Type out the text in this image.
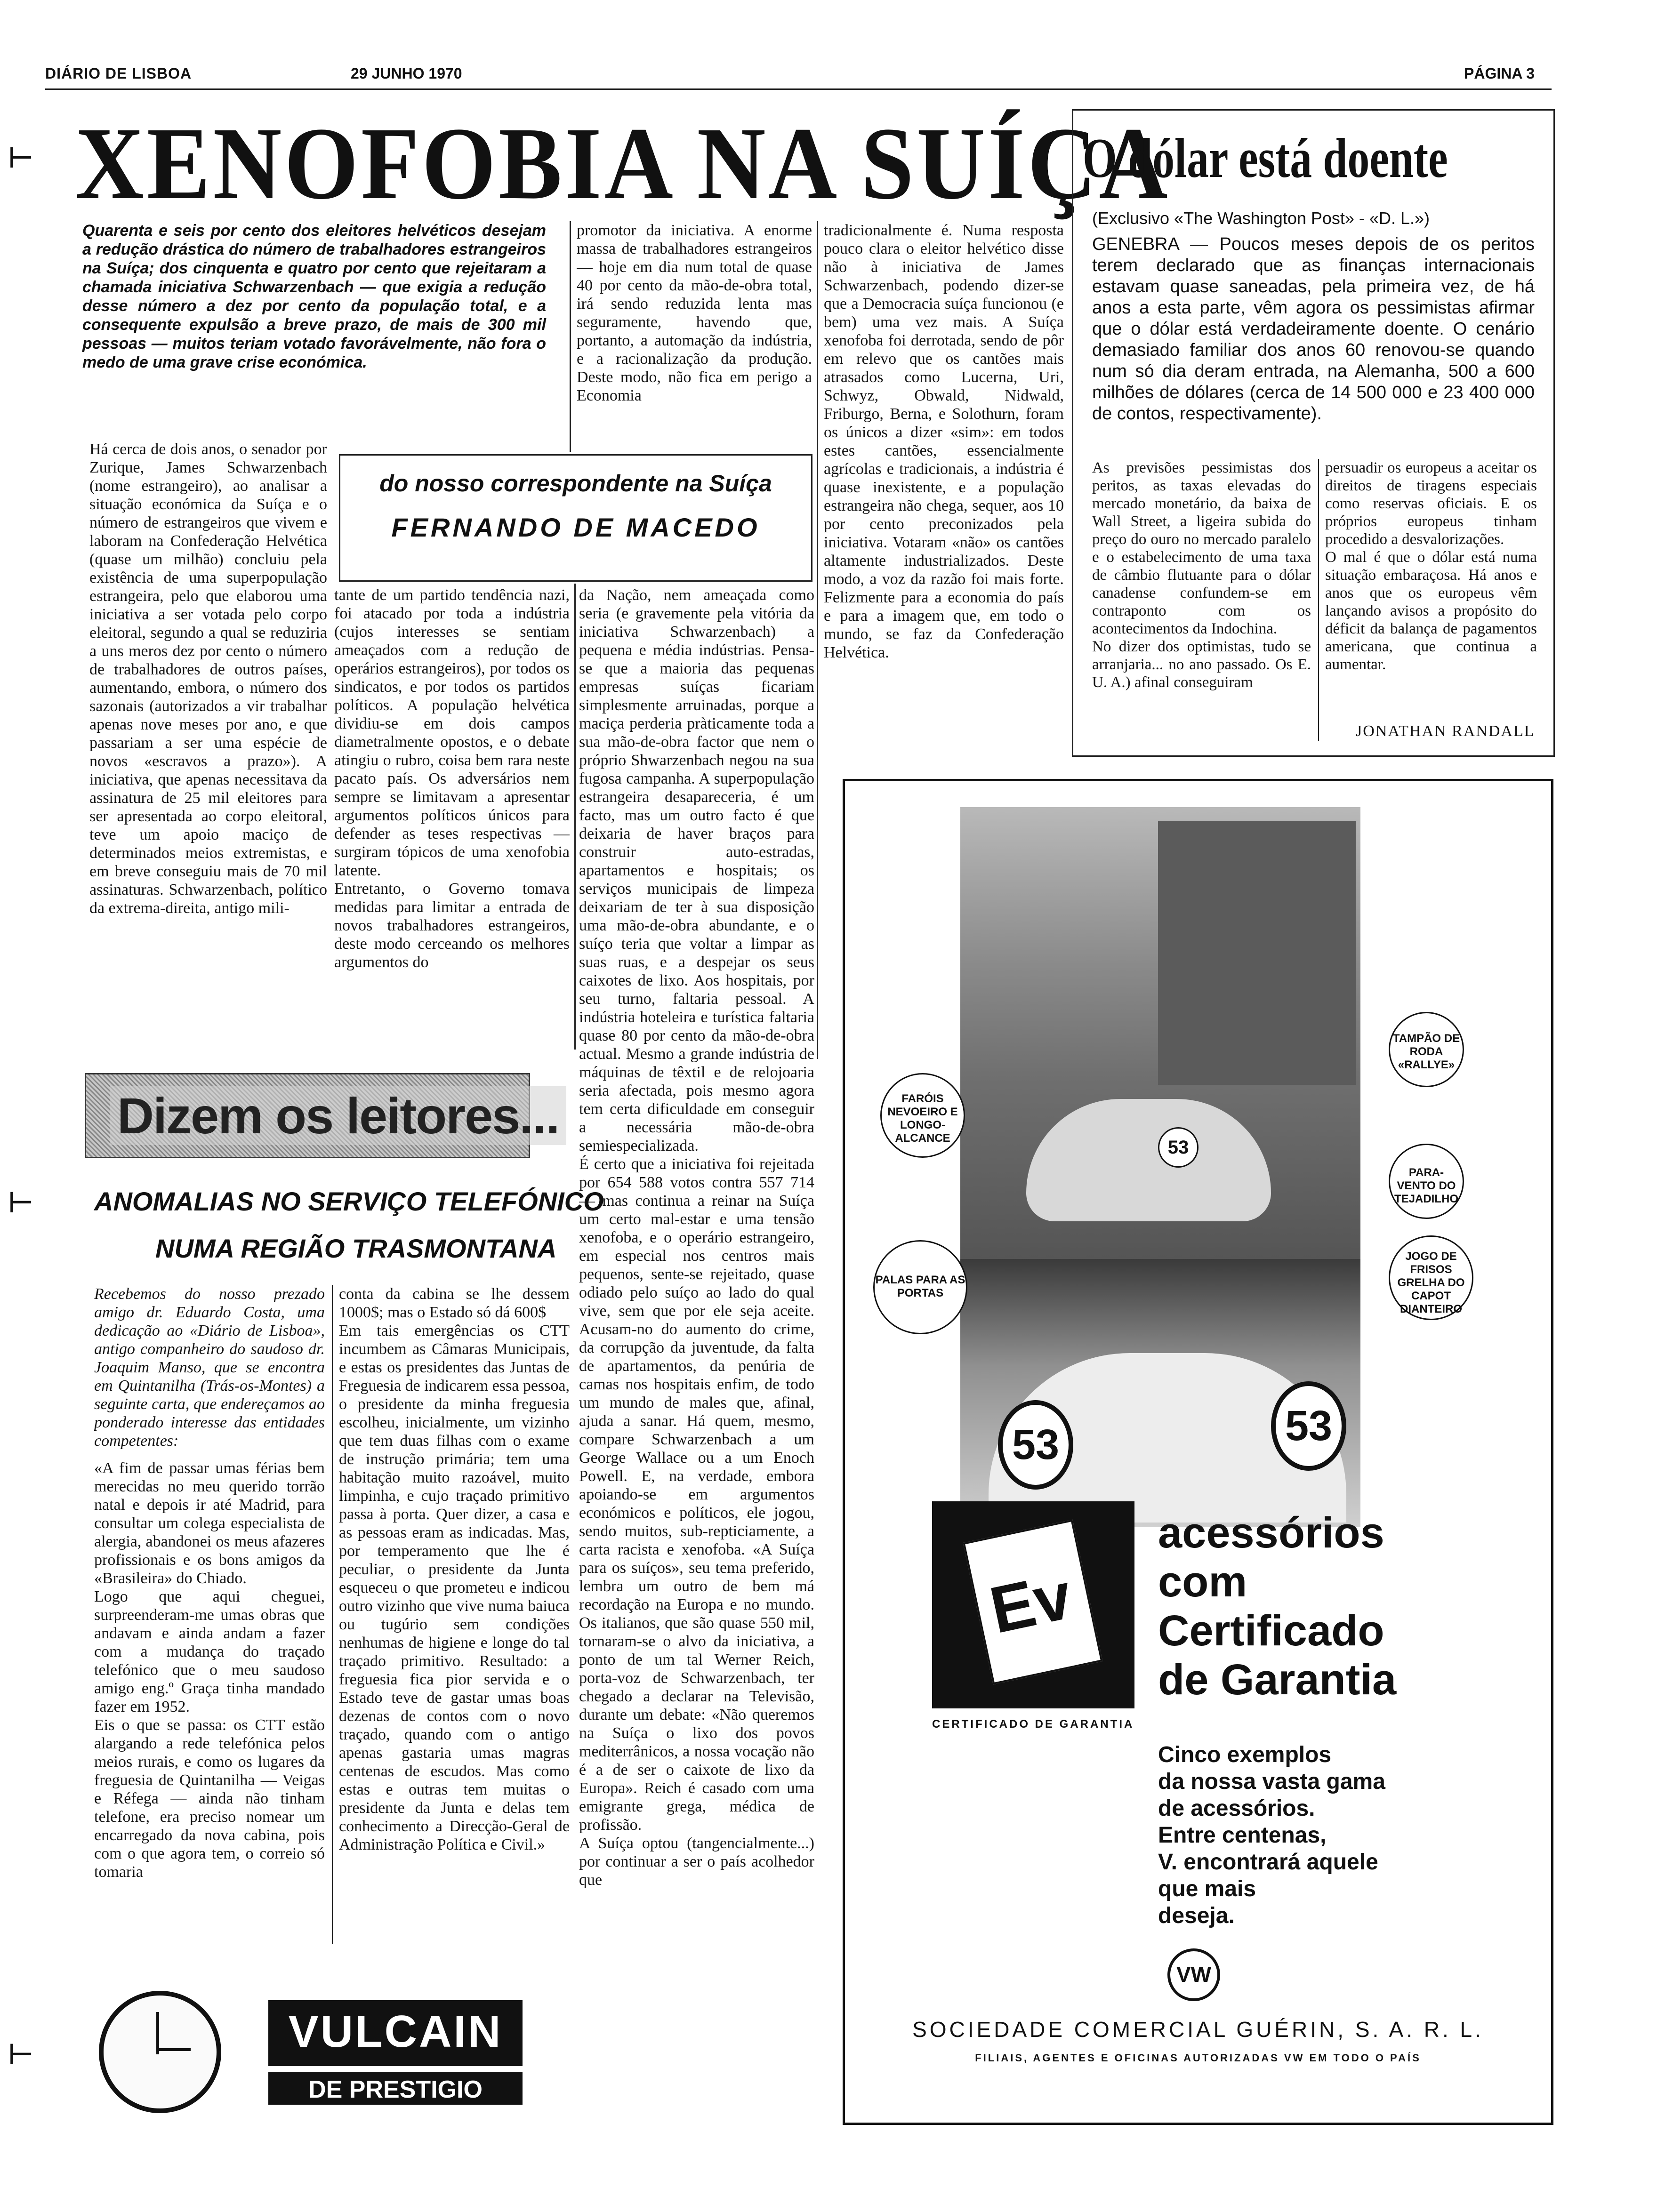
DIÁRIO DE LISBOA	29 JUNHO 1970	PÁGINA 3
⊢
⊢
⊢
XENOFOBIA NA SUÍÇA
Quarenta e seis por cento dos eleitores helvéticos desejam a redução drástica do número de trabalhadores estrangeiros na Suíça; dos cinquenta e quatro por cento que rejeitaram a chamada iniciativa Schwarzenbach — que exigia a redução desse número a dez por cento da população total, e a consequente expulsão a breve prazo, de mais de 300 mil pessoas — muitos teriam votado favorávelmente, não fora o medo de uma grave crise económica.
Há cerca de dois anos, o senador por Zurique, James Schwarzenbach (nome estrangeiro), ao analisar a situação económica da Suíça e o número de estrangeiros que vivem e laboram na Confederação Helvética (quase um milhão) concluiu pela existência de uma superpopulação estrangeira, pelo que elaborou uma iniciativa a ser votada pelo corpo eleitoral, segundo a qual se reduziria a uns meros dez por cento o número de trabalhadores de outros países, aumentando, embora, o número dos sazonais (autorizados a vir trabalhar apenas nove meses por ano, e que passariam a ser uma espécie de novos «escravos a prazo»). A iniciativa, que apenas necessitava da assinatura de 25 mil eleitores para ser apresentada ao corpo eleitoral, teve um apoio maciço de determinados meios extremistas, e em breve conseguiu mais de 70 mil assinaturas. Schwarzenbach, político da extrema-direita, antigo mili-
promotor da iniciativa. A enorme massa de trabalhadores estrangeiros — hoje em dia num total de quase 40 por cento da mão-de-obra total, irá sendo reduzida lenta mas seguramente, havendo que, portanto, a automação da indústria, e a racionalização da produção. Deste modo, não fica em perigo a Economia
do nosso correspondente na Suíça
FERNANDO DE MACEDO
tante de um partido tendência nazi, foi atacado por toda a indústria (cujos interesses se sentiam ameaçados com a redução de operários estrangeiros), por todos os sindicatos, e por todos os partidos políticos. A população helvética dividiu-se em dois campos diametralmente opostos, e o debate atingiu o rubro, coisa bem rara neste pacato país. Os adversários nem sempre se limitavam a apresentar argumentos políticos únicos para defender as teses respectivas — surgiram tópicos de uma xenofobia latente.
Entretanto, o Governo tomava medidas para limitar a entrada de novos trabalhadores estrangeiros, deste modo cerceando os melhores argumentos do
tradicionalmente é. Numa resposta pouco clara o eleitor helvético disse não à iniciativa de James Schwarzenbach, podendo dizer-se que a Democracia suíça funcionou (e bem) uma vez mais. A Suíça xenofoba foi derrotada, sendo de pôr em relevo que os cantões mais atrasados como Lucerna, Uri, Schwyz, Obwald, Nidwald, Friburgo, Berna, e Solothurn, foram os únicos a dizer «sim»: em todos estes cantões, essencialmente agrícolas e tradicionais, a indústria é quase inexistente, e a população estrangeira não chega, sequer, aos 10 por cento preconizados pela iniciativa. Votaram «não» os cantões altamente industrializados. Deste modo, a voz da razão foi mais forte. Felizmente para a economia do país e para a imagem que, em todo o mundo, se faz da Confederação Helvética.
da Nação, nem ameaçada como seria (e gravemente pela vitória da iniciativa Schwarzenbach) a pequena e média indústrias. Pensa-se que a maioria das pequenas empresas suíças ficariam simplesmente arruinadas, porque a maciça perderia pràticamente toda a sua mão-de-obra factor que nem o próprio Shwarzenbach negou na sua fugosa campanha. A superpopulação estrangeira desapareceria, é um facto, mas um outro facto é que deixaria de haver braços para construir auto-estradas, apartamentos e hospitais; os serviços municipais de limpeza deixariam de ter à sua disposição uma mão-de-obra abundante, e o suíço teria que voltar a limpar as suas ruas, e a despejar os seus caixotes de lixo. Aos hospitais, por seu turno, faltaria pessoal. A indústria hoteleira e turística faltaria quase 80 por cento da mão-de-obra actual. Mesmo a grande indústria de máquinas de têxtil e de relojoaria seria afectada, pois mesmo agora tem certa dificuldade em conseguir a necessária mão-de-obra semiespecializada.
É certo que a iniciativa foi rejeitada por 654 588 votos contra 557 714 — mas continua a reinar na Suíça um certo mal-estar e uma tensão xenofoba, e o operário estrangeiro, em especial nos centros mais pequenos, sente-se rejeitado, quase odiado pelo suíço ao lado do qual vive, sem que por ele seja aceite. Acusam-no do aumento do crime, da corrupção da juventude, da falta de apartamentos, da penúria de camas nos hospitais enfim, de todo um mundo de males que, afinal, ajuda a sanar. Há quem, mesmo, compare Schwarzenbach a um George Wallace ou a um Enoch Powell. E, na verdade, embora apoiando-se em argumentos económicos e políticos, ele jogou, sendo muitos, sub-repticiamente, a carta racista e xenofoba. «A Suíça para os suíços», seu tema preferido, lembra um outro de bem má recordação na Europa e no mundo. Os italianos, que são quase 550 mil, tornaram-se o alvo da iniciativa, a ponto de um tal Werner Reich, porta-voz de Schwarzenbach, ter chegado a declarar na Televisão, durante um debate: «Não queremos na Suíça o lixo dos povos mediterrânicos, a nossa vocação não é a de ser o caixote de lixo da Europa». Reich é casado com uma emigrante grega, médica de profissão.
A Suíça optou (tangencialmente...) por continuar a ser o país acolhedor que
O dólar está doente
(Exclusivo «The Washington Post» - «D. L.»)
GENEBRA — Poucos meses depois de os peritos terem declarado que as finanças internacionais estavam quase saneadas, pela primeira vez, de há anos a esta parte, vêm agora os pessimistas afirmar que o dólar está verdadeiramente doente. O cenário demasiado familiar dos anos 60 renovou-se quando num só dia deram entrada, na Alemanha, 500 a 600 milhões de dólares (cerca de 14 500 000 e 23 400 000 de contos, respectivamente).
As previsões pessimistas dos peritos, as taxas elevadas do mercado monetário, da baixa de Wall Street, a ligeira subida do preço do ouro no mercado paralelo e o estabelecimento de uma taxa de câmbio flutuante para o dólar canadense confundem-se em contraponto com os acontecimentos da Indochina.
No dizer dos optimistas, tudo se arranjaria... no ano passado. Os E. U. A.) afinal conseguiram
persuadir os europeus a aceitar os direitos de tiragens especiais como reservas oficiais. E os próprios europeus tinham procedido a desvalorizações.
O mal é que o dólar está numa situação embaraçosa. Há anos e anos que os europeus vêm lançando avisos a propósito do déficit da balança de pagamentos americana, que continua a aumentar.
JONATHAN RANDALL
Dizem os leitores...
ANOMALIAS NO SERVIÇO TELEFÓNICO
NUMA REGIÃO TRASMONTANA
Recebemos do nosso prezado amigo dr. Eduardo Costa, uma dedicação ao «Diário de Lisboa», antigo companheiro do saudoso dr. Joaquim Manso, que se encontra em Quintanilha (Trás-os-Montes) a seguinte carta, que endereçamos ao ponderado interesse das entidades competentes:
«A fim de passar umas férias bem merecidas no meu querido torrão natal e depois ir até Madrid, para consultar um colega especialista de alergia, abandonei os meus afazeres profissionais e os bons amigos da «Brasileira» do Chiado.
Logo que aqui cheguei, surpreenderam-me umas obras que andavam e ainda andam a fazer com a mudança do traçado telefónico que o meu saudoso amigo eng.º Graça tinha mandado fazer em 1952.
Eis o que se passa: os CTT estão alargando a rede telefónica pelos meios rurais, e como os lugares da freguesia de Quintanilha — Veigas e Réfega — ainda não tinham telefone, era preciso nomear um encarregado da nova cabina, pois com o que agora tem, o correio só tomaria
conta da cabina se lhe dessem 1000$; mas o Estado só dá 600$
Em tais emergências os CTT incumbem as Câmaras Municipais, e estas os presidentes das Juntas de Freguesia de indicarem essa pessoa, o presidente da minha freguesia escolheu, inicialmente, um vizinho que tem duas filhas com o exame de instrução primária; tem uma habitação muito razoável, muito limpinha, e cujo traçado primitivo passa à porta. Quer dizer, a casa e as pessoas eram as indicadas. Mas, por temperamento que lhe é peculiar, o presidente da Junta esqueceu o que prometeu e indicou outro vizinho que vive numa baiuca ou tugúrio sem condições nenhumas de higiene e longe do tal traçado primitivo. Resultado: a freguesia fica pior servida e o Estado teve de gastar umas boas dezenas de contos com o novo traçado, quando com o antigo apenas gastaria umas magras centenas de escudos. Mas como estas e outras tem muitas o presidente da Junta e delas tem conhecimento a Direcção-Geral de Administração Política e Civil.»
VULCAIN
DE PRESTIGIO MUNDIAL
53
53	53
TAMPÃO DE RODA «RALLYE»
FARÓIS NEVOEIRO E LONGO-ALCANCE
PARA-VENTO DO TEJADILHO
PALAS PARA AS PORTAS
JOGO DE FRISOS GRELHA DO CAPOT DIANTEIRO
Ev
CERTIFICADO DE GARANTIA
acessórios
com
Certificado
de Garantia
Cinco exemplos
da nossa vasta gama
de acessórios.
Entre centenas,
V. encontrará aquele
que mais
deseja.
VW
SOCIEDADE COMERCIAL GUÉRIN, S. A. R. L.
FILIAIS, AGENTES E OFICINAS AUTORIZADAS VW EM TODO O PAÍS
